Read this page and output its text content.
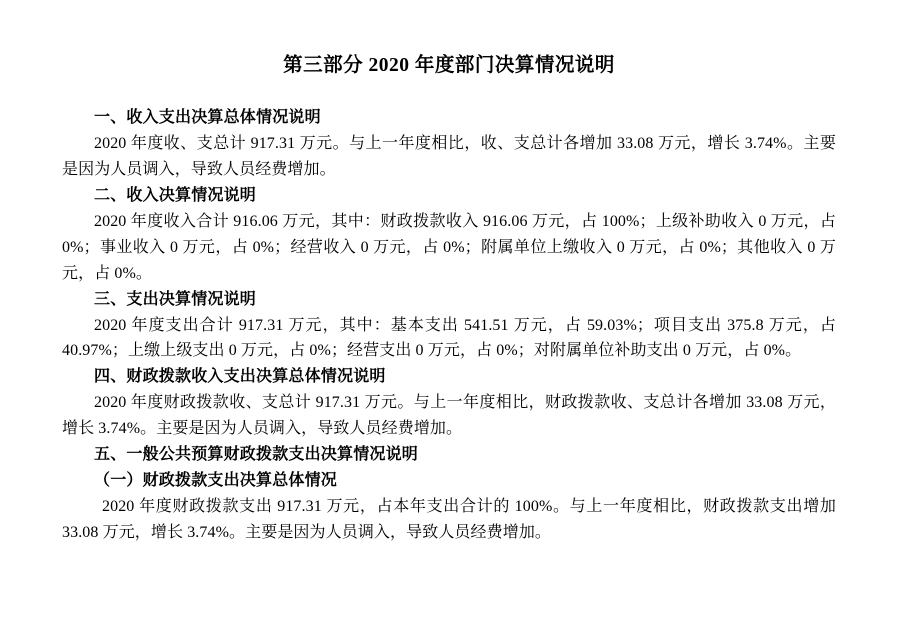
第三部分 2020 年度部门决算情况说明
一、收入支出决算总体情况说明
2020 年度收、支总计 917.31 万元。与上一年度相比，收、支总计各增加 33.08 万元，增长 3.74%。主要是因为人员调入，导致人员经费增加。
二、收入决算情况说明
2020 年度收入合计 916.06 万元，其中：财政拨款收入 916.06 万元，占 100%；上级补助收入 0 万元，占 0%；事业收入 0 万元，占 0%；经营收入 0 万元，占 0%；附属单位上缴收入 0 万元，占 0%；其他收入 0 万元，占 0%。
三、支出决算情况说明
2020 年度支出合计 917.31 万元，其中：基本支出 541.51 万元，占 59.03%；项目支出 375.8 万元，占 40.97%；上缴上级支出 0 万元，占 0%；经营支出 0 万元，占 0%；对附属单位补助支出 0 万元，占 0%。
四、财政拨款收入支出决算总体情况说明
2020 年度财政拨款收、支总计 917.31 万元。与上一年度相比，财政拨款收、支总计各增加 33.08 万元，增长 3.74%。主要是因为人员调入，导致人员经费增加。
五、一般公共预算财政拨款支出决算情况说明
（一）财政拨款支出决算总体情况
2020 年度财政拨款支出 917.31 万元，占本年支出合计的 100%。与上一年度相比，财政拨款支出增加 33.08 万元，增长 3.74%。主要是因为人员调入，导致人员经费增加。
